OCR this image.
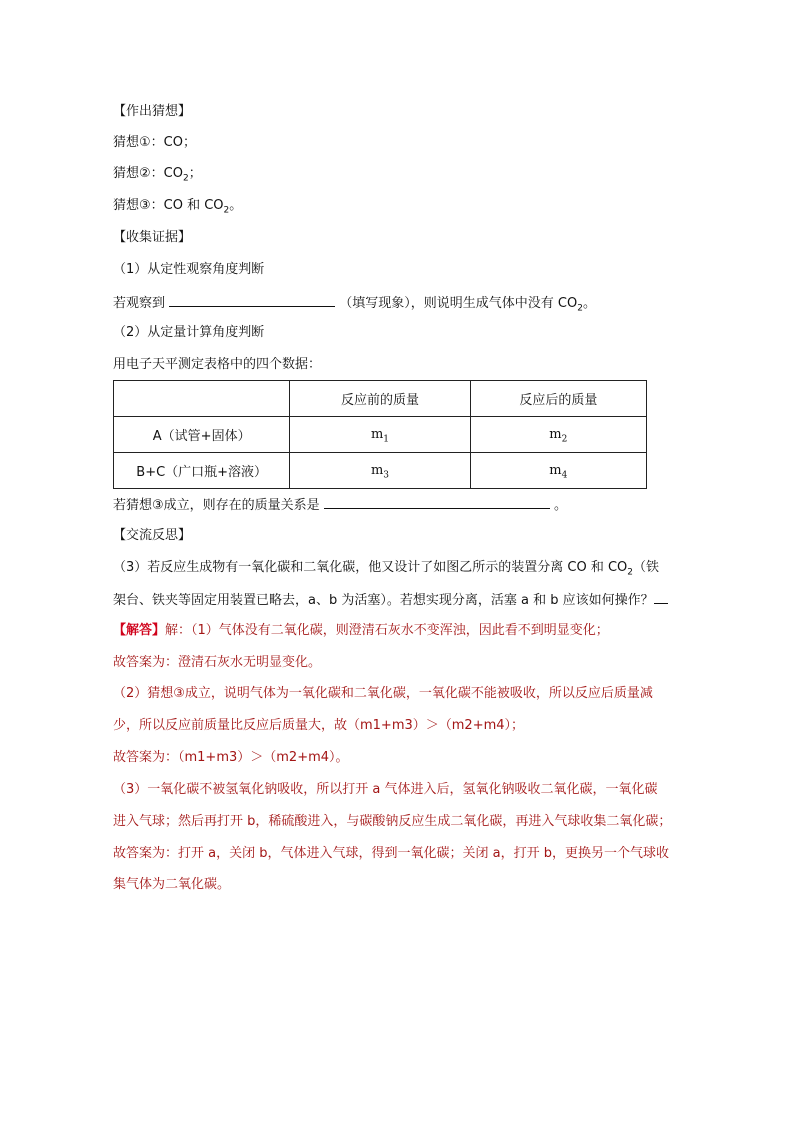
【作出猜想】
猜想①：CO；
猜想②：$CO_2$；
猜想③：CO 和 $CO_2$。
【收集证据】
（1）从定性观察角度判断
若观察到	（填写现象），则说明生成气体中没有 $CO_2$。
（2）从定量计算角度判断
用电子天平测定表格中的四个数据：
	反应前的质量	反应后的质量
A（试管+固体）	$m_1$	$m_2$
B+C（广口瓶+溶液）	$m_3$	$m_4$
若猜想③成立，则存在的质量关系是	。
【交流反思】
（3）若反应生成物有一氧化碳和二氧化碳，他又设计了如图乙所示的装置分离 CO 和 $CO_2$（铁
架台、铁夹等固定用装置已略去，a、b 为活塞）。若想实现分离，活塞 a 和 b 应该如何操作？
【解答】解：（1）气体没有二氧化碳，则澄清石灰水不变浑浊，因此看不到明显变化；
故答案为：澄清石灰水无明显变化。
（2）猜想③成立，说明气体为一氧化碳和二氧化碳，一氧化碳不能被吸收，所以反应后质量减
少，所以反应前质量比反应后质量大，故（m1+m3）＞（m2+m4）；
故答案为：（m1+m3）＞（m2+m4）。
（3）一氧化碳不被氢氧化钠吸收，所以打开 a 气体进入后，氢氧化钠吸收二氧化碳，一氧化碳
进入气球；然后再打开 b，稀硫酸进入，与碳酸钠反应生成二氧化碳，再进入气球收集二氧化碳；
故答案为：打开 a，关闭 b，气体进入气球，得到一氧化碳；关闭 a，打开 b，更换另一个气球收
集气体为二氧化碳。
